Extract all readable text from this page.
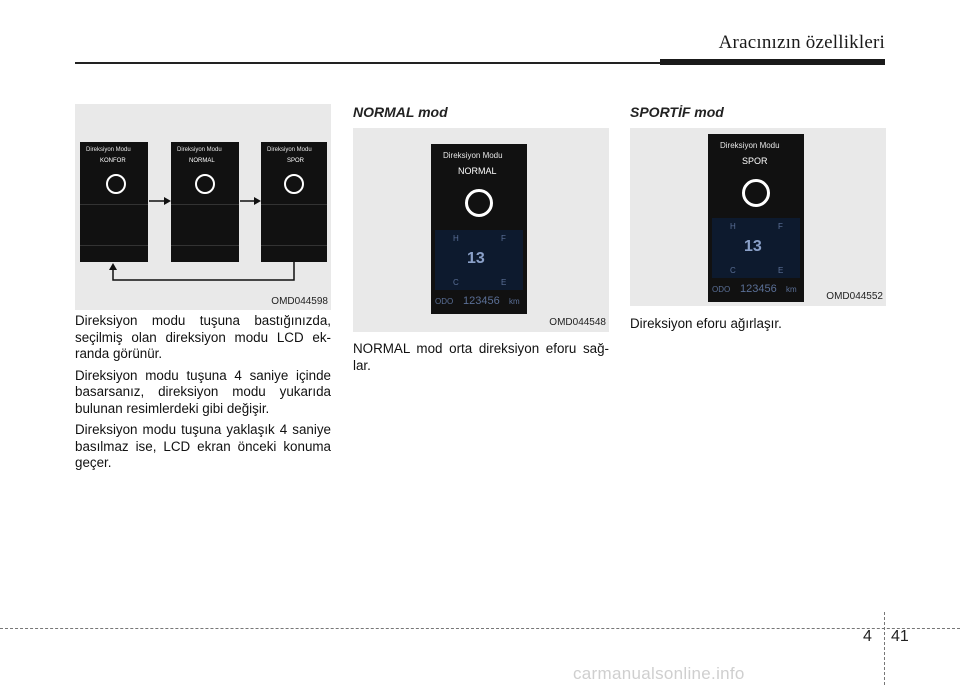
Aracınızın özellikleri
Direksiyon Modu
KONFOR
Direksiyon Modu
NORMAL
Direksiyon Modu
SPOR
OMD044598

Direksiyon modu tuşuna bastığınızda, seçilmiş olan direksiyon modu LCD ek-randa görünür.

Direksiyon modu tuşuna 4 saniye içinde basarsanız, direksiyon modu yukarıda bulunan resimlerdeki gibi değişir.

Direksiyon modu tuşuna yaklaşık 4 saniye basılmaz ise, LCD ekran önceki konuma geçer.

NORMAL mod
Direksiyon Modu
NORMAL
H	F
13
C	E
ODO 123456 km
OMD044548
NORMAL mod orta direksiyon eforu sağ-lar.
SPORTİF mod
Direksiyon Modu
SPOR
H	F
13
C	E
ODO 123456 km
OMD044552
Direksiyon eforu ağırlaşır.
4 41
carmanualsonline.info
